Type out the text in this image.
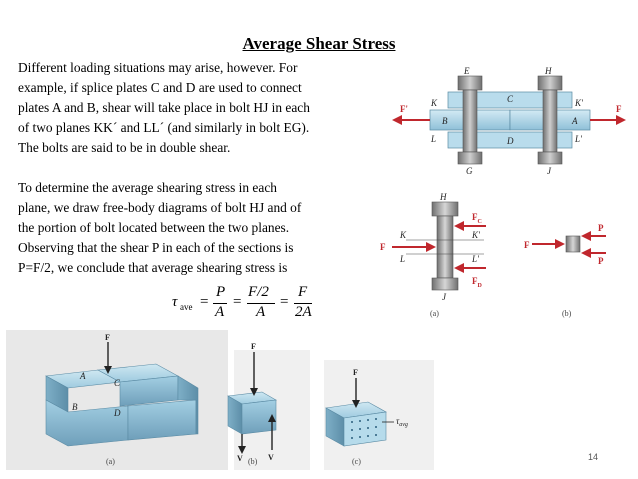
Average Shear Stress
Different loading situations may arise, however. For
example, if splice plates C and D are used to connect
plates A and B, shear will take place in bolt HJ in each
of two planes KK´ and LL´ (and similarly in bolt EG).
The bolts are said to be in double shear.
To determine the average shearing stress in each
plane, we draw free-body diagrams of bolt HJ and of
the portion of bolt located between the two planes.
Observing that the shear P in each of the sections is
P=F/2, we conclude that average shearing stress is
τ ave =
P
A
=
F/2
A
=
F
2A
E	H
C
K	K'
B	A
L	L'
D
G	J
F'	F
H
K
L
K'
L'
J
F
$F_C$
$F_D$
F
P
P
(a)	(b)
F
A
C
B
D
(a)
F
V	V
(b)
F
$\tau_{avg}$
(c)	14
